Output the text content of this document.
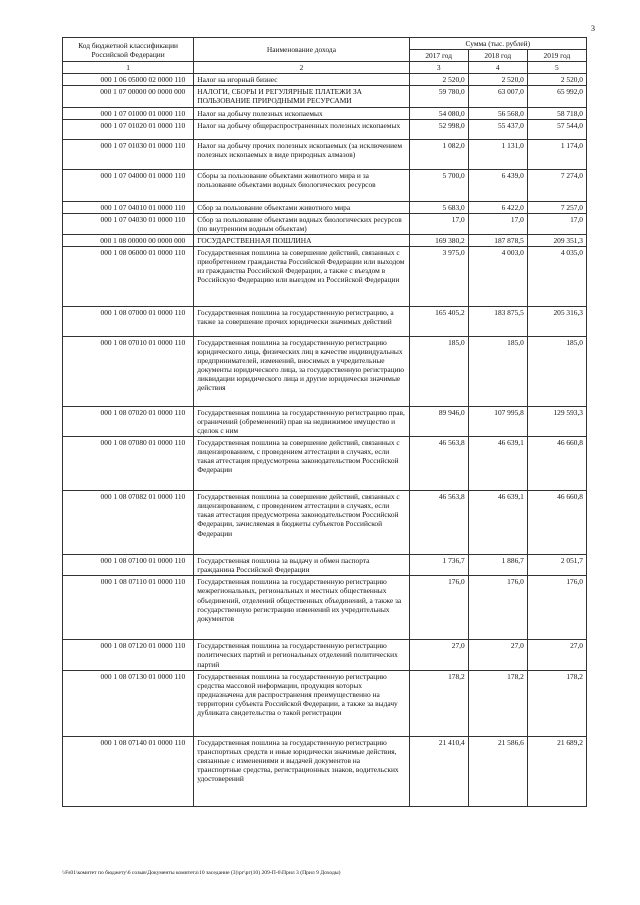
3
Код бюджетной классификации Российской Федерации	Наименование дохода	Сумма (тыс. рублей)		
		2017 год	2018 год	2019 год
1	2	3	4	5
000 1 06 05000 02 0000 110	Налог на игорный бизнес	2 520,0	2 520,0	2 520,0
000 1 07 00000 00 0000 000	НАЛОГИ, СБОРЫ И РЕГУЛЯРНЫЕ ПЛАТЕЖИ ЗА ПОЛЬЗОВАНИЕ ПРИРОДНЫМИ РЕСУРСАМИ	59 780,0	63 007,0	65 992,0
000 1 07 01000 01 0000 110	Налог на добычу полезных ископаемых	54 080,0	56 568,0	58 718,0
000 1 07 01020 01 0000 110	Налог на добычу общераспространенных полезных ископаемых	52 998,0	55 437,0	57 544,0
000 1 07 01030 01 0000 110	Налог на добычу прочих полезных ископаемых (за исключением полезных ископаемых в виде природных алмазов)	1 082,0	1 131,0	1 174,0
000 1 07 04000 01 0000 110	Сборы за пользование объектами животного мира и за пользование объектами водных биологических ресурсов	5 700,0	6 439,0	7 274,0
000 1 07 04010 01 0000 110	Сбор за пользование объектами животного мира	5 683,0	6 422,0	7 257,0
000 1 07 04030 01 0000 110	Сбор за пользование объектами водных биологических ресурсов (по внутренним водным объектам)	17,0	17,0	17,0
000 1 08 00000 00 0000 000	ГОСУДАРСТВЕННАЯ ПОШЛИНА	169 380,2	187 878,5	209 351,3
000 1 08 06000 01 0000 110	Государственная пошлина за совершение действий, связанных с приобретением гражданства Российской Федерации или выходом из гражданства Российской Федерации, а также с въездом в Российскую Федерацию или выездом из Российской Федерации	3 975,0	4 003,0	4 035,0
000 1 08 07000 01 0000 110	Государственная пошлина за государственную регистрацию, а также за совершение прочих юридически значимых действий	165 405,2	183 875,5	205 316,3
000 1 08 07010 01 0000 110	Государственная пошлина за государственную регистрацию юридического лица, физических лиц в качестве индивидуальных предпринимателей, изменений, вносимых в учредительные документы юридического лица, за государственную регистрацию ликвидации юридического лица и другие юридически значимые действия	185,0	185,0	185,0
000 1 08 07020 01 0000 110	Государственная пошлина за государственную регистрацию прав, ограничений (обременений) прав на недвижимое имущество и сделок с ним	89 946,0	107 995,8	129 593,3
000 1 08 07080 01 0000 110	Государственная пошлина за совершение действий, связанных с лицензированием, с проведением аттестации в случаях, если такая аттестация предусмотрена законодательством Российской Федерации	46 563,8	46 639,1	46 660,8
000 1 08 07082 01 0000 110	Государственная пошлина за совершение действий, связанных с лицензированием, с проведением аттестации в случаях, если такая аттестация предусмотрена законодательством Российской Федерации, зачисляемая в бюджеты субъектов Российской Федерации	46 563,8	46 639,1	46 660,8
000 1 08 07100 01 0000 110	Государственная пошлина за выдачу и обмен паспорта гражданина Российской Федерации	1 736,7	1 886,7	2 051,7
000 1 08 07110 01 0000 110	Государственная пошлина за государственную регистрацию межрегиональных, региональных и местных общественных объединений, отделений общественных объединений, а также за государственную регистрацию изменений их учредительных документов	176,0	176,0	176,0
000 1 08 07120 01 0000 110	Государственная пошлина за государственную регистрацию политических партий и региональных отделений политических партий	27,0	27,0	27,0
000 1 08 07130 01 0000 110	Государственная пошлина за государственную регистрацию средства массовой информации, продукция которых предназначена для распространения преимущественно на территории субъекта Российской Федерации, а также за выдачу дубликата свидетельства о такой регистрации	178,2	178,2	178,2
000 1 08 07140 01 0000 110	Государственная пошлина за государственную регистрацию транспортных средств и иные юридически значимые действия, связанные с изменениями и выдачей документов на транспортные средства, регистрационных знаков, водительских удостоверений	21 410,4	21 586,6	21 689,2
\\Fs01\комитет по бюджету\6 созыв\Документы комитета\10 заседание (3)\рг\рг(10) 209-П-6\Прил 3 (Прил 9 Доходы)
